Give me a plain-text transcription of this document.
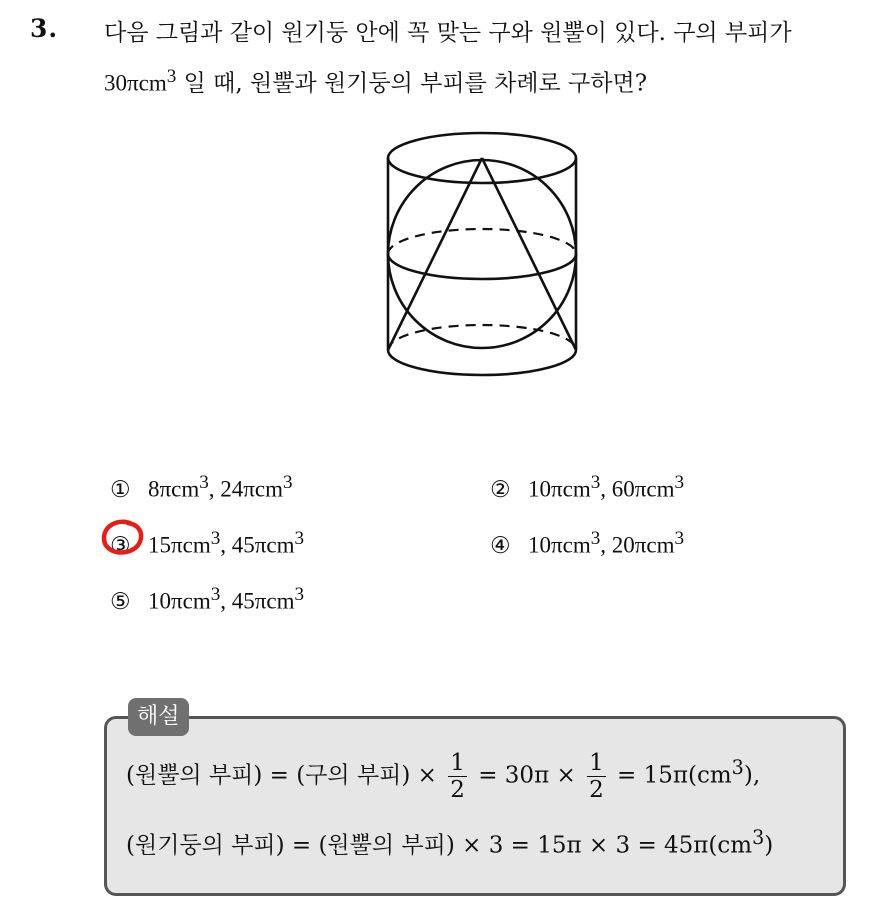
3. 다음 그림과 같이 원기둥 안에 꼭 맞는 구와 원뿔이 있다. 구의 부피가
30πcm$^3$ 일 때, 원뿔과 원기둥의 부피를 차례로 구하면?
① 8πcm$^3$, 24πcm$^3$	② 10πcm$^3$, 60πcm$^3$
③ 15πcm$^3$, 45πcm$^3$	④ 10πcm$^3$, 20πcm$^3$
⑤ 10πcm$^3$, 45πcm$^3$
해설
(원뿔의 부피) = (구의 부피) × $\frac{1}{2} = 30\pi \times \frac{1}{2} = 15\pi(cm^3)$,
(원기둥의 부피) = (원뿔의 부피) × $3 = 15\pi \times 3 = 45\pi(cm^3)$
